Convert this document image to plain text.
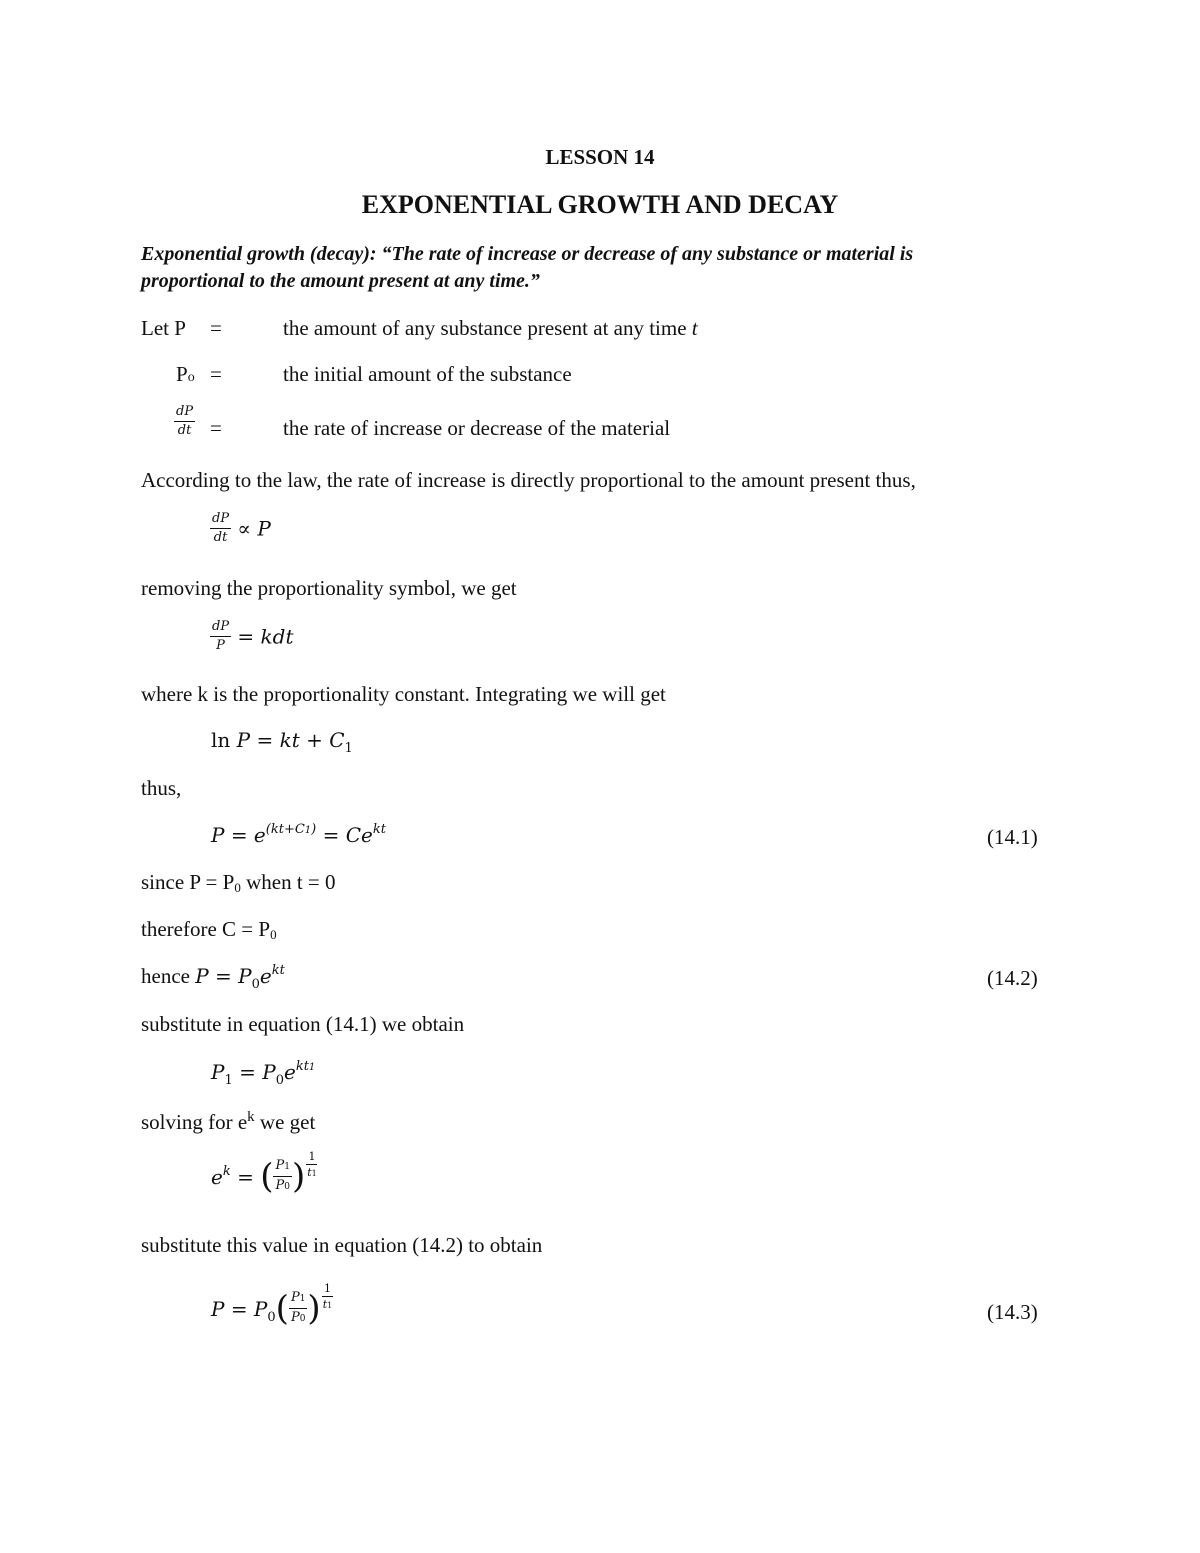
LESSON 14
EXPONENTIAL GROWTH AND DECAY
Exponential growth (decay): “The rate of increase or decrease of any substance or material is
proportional to the amount present at any time.”
Let P =	the amount of any substance present at any time t
Po =	the initial amount of the substance
$\frac{dP}{dt}$ =	the rate of increase or decrease of the material
According to the law, the rate of increase is directly proportional to the amount present thus,
$\frac{dP}{dt} \propto P$
removing the proportionality symbol, we get
$\frac{dP}{P}$ = kdt
where k is the proportionality constant. Integrating we will get
ln P = kt + $C_1$
thus,
$P = e^{(kt+C1)} = Ce^{kt}$	(14.1)
since P = P0 when t = 0
therefore C = P0
hence $P = P_0e^{kt}$	(14.2)
substitute in equation (14.1) we obtain
$P_1 = P_0e^{kt1}$
solving for $e^k$ we get
$e^k$ = ( $\frac{P1}{P0}$ ) $\frac{1}{t1}$
substitute this value in equation (14.2) to obtain
$P = P_0( \frac{P1}{P0}$ ) $\frac{1}{t1}$	(14.3)
